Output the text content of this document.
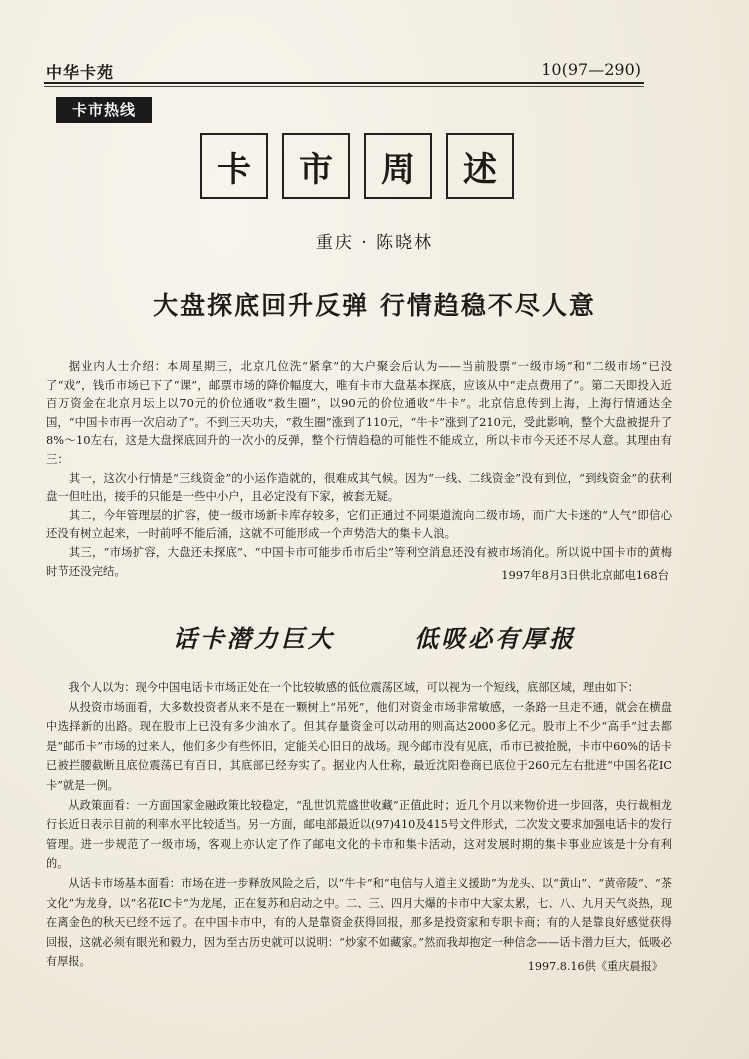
中华卡苑	10(97—290)
卡市热线
卡	市	周	述
重庆 · 陈晓林
大盘探底回升反弹 行情趋稳不尽人意

据业内人士介绍：本周星期三，北京几位洗“紧拿”的大户聚会后认为——当前股票“一级市场”和“二级市场”已没了“戏”，钱币市场已下了“课”，邮票市场的降价幅度大，唯有卡市大盘基本探底，应该从中“走点费用了”。第二天即投入近百万资金在北京月坛上以70元的价位通收“救生圈”，以90元的价位通收“牛卡”。北京信息传到上海，上海行情通达全国，“中国卡市再一次启动了”。不到三天功夫，“救生圈”涨到了110元，“牛卡”涨到了210元，受此影响，整个大盘被提升了8%～10左右，这是大盘探底回升的一次小的反弹，整个行情趋稳的可能性不能成立，所以卡市今天还不尽人意。其理由有三：

其一，这次小行情是“三线资金”的小运作造就的，很难成其气候。因为“一线、二线资金”没有到位，“到线资金”的获利盘一但吐出，接手的只能是一些中小户，且必定没有下家，被套无疑。

其二，今年管理层的扩容，使一级市场新卡库存较多，它们正通过不同渠道流向二级市场，而广大卡迷的“人气”即信心还没有树立起来，一时前呼不能后涌，这就不可能形成一个声势浩大的集卡人浪。

其三，“市场扩容，大盘还未探底”、“中国卡市可能步币市后尘”等利空消息还没有被市场消化。所以说中国卡市的黄梅时节还没完结。	1997年8月3日供北京邮电168台
话卡潜力巨大	低吸必有厚报

我个人以为：现今中国电话卡市场正处在一个比较敏感的低位震荡区域，可以视为一个短线，底部区域，理由如下：

从投资市场面看，大多数投资者从来不是在一颗树上“吊死”，他们对资金市场非常敏感，一条路一旦走不通，就会在横盘中选择新的出路。现在股市上已没有多少油水了。但其存量资金可以动用的则高达2000多亿元。股市上不少“高手”过去都是“邮币卡”市场的过来人，他们多少有些怀旧，定能关心旧日的战场。现今邮市没有见底，币市已被抢脱，卡市中60%的话卡已被拦腰截断且底位震荡已有百日，其底部已经夯实了。据业内人仕称，最近沈阳卷商已底位于260元左右批进“中国名花IC卡”就是一例。

从政策面看：一方面国家金融政策比较稳定，“乱世饥荒盛世收藏”正值此时；近几个月以来物价进一步回落，央行裁相龙行长近日表示目前的利率水平比较适当。另一方面，邮电部最近以(97)410及415号文件形式，二次发文要求加强电话卡的发行管理。进一步规范了一级市场，客观上亦认定了作了邮电文化的卡市和集卡活动，这对发展时期的集卡事业应该是十分有利的。

从话卡市场基本面看：市场在进一步释放风险之后，以“牛卡”和“电信与人道主义援助”为龙头、以“黄山”、“黄帝陵”、“茶文化”为龙身，以“名花IC卡”为龙尾，正在复苏和启动之中。二、三、四月大爆的卡市中大家太累，七、八、九月天气炎热，现在离金色的秋天已经不远了。在中国卡市中，有的人是靠资金获得回报，那多是投资家和专职卡商；有的人是靠良好感觉获得回报，这就必须有眼光和毅力，因为至古历史就可以说明：“炒家不如藏家。”然而我却抱定一种信念——话卡潜力巨大，低吸必有厚报。	1997.8.16供《重庆晨报》
